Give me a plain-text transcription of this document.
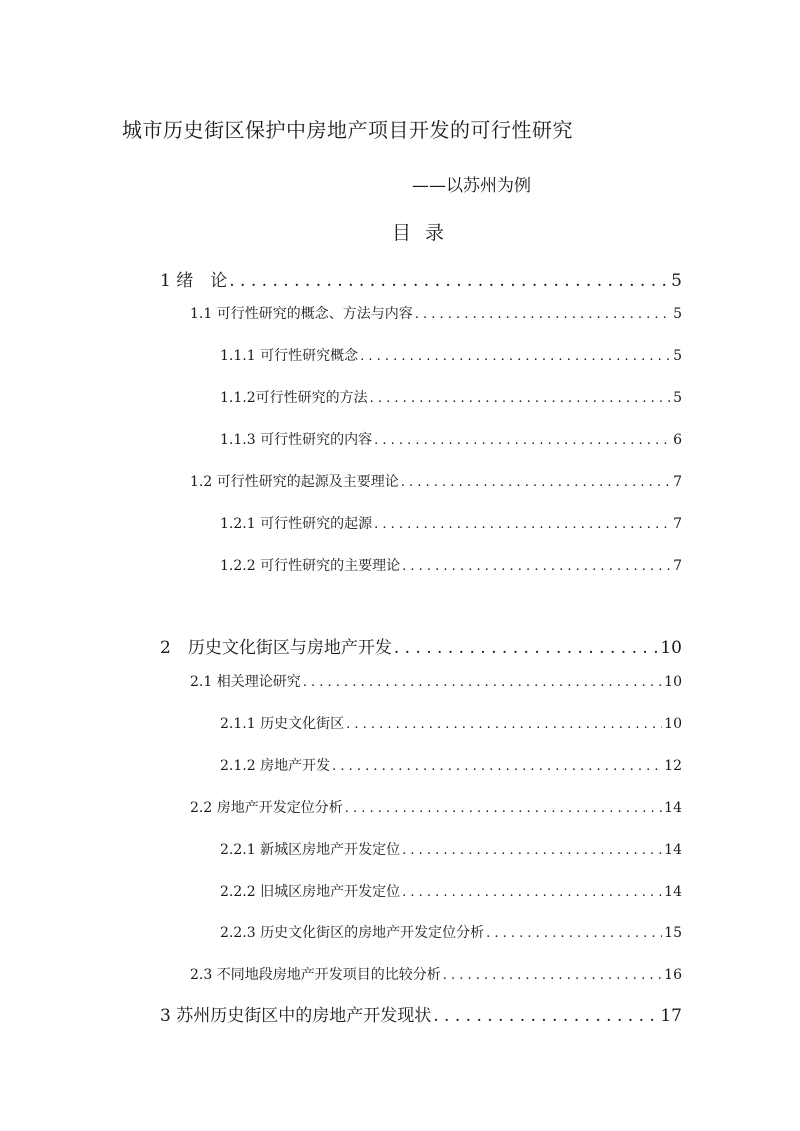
城市历史街区保护中房地产项目开发的可行性研究
——以苏州为例
目 录
1 绪　论 . . .	5
1.1 可行性研究的概念、方法与内容 . . .	5
1.1.1 可行性研究概念 . . .	5
1.1.2可行性研究的方法 . . .	5
1.1.3 可行性研究的内容 . . .	6
1.2 可行性研究的起源及主要理论 . . .	7
1.2.1 可行性研究的起源 . . .	7
1.2.2 可行性研究的主要理论 . . .	7
2　历史文化街区与房地产开发 . . .	10
2.1 相关理论研究 . . .	10
2.1.1 历史文化街区 . . .	10
2.1.2 房地产开发 . . .	12
2.2 房地产开发定位分析 . . .	14
2.2.1 新城区房地产开发定位 . . .	14
2.2.2 旧城区房地产开发定位 . . .	14
2.2.3 历史文化街区的房地产开发定位分析 . . .	15
2.3 不同地段房地产开发项目的比较分析 . . .	16
3 苏州历史街区中的房地产开发现状 . . .	17
